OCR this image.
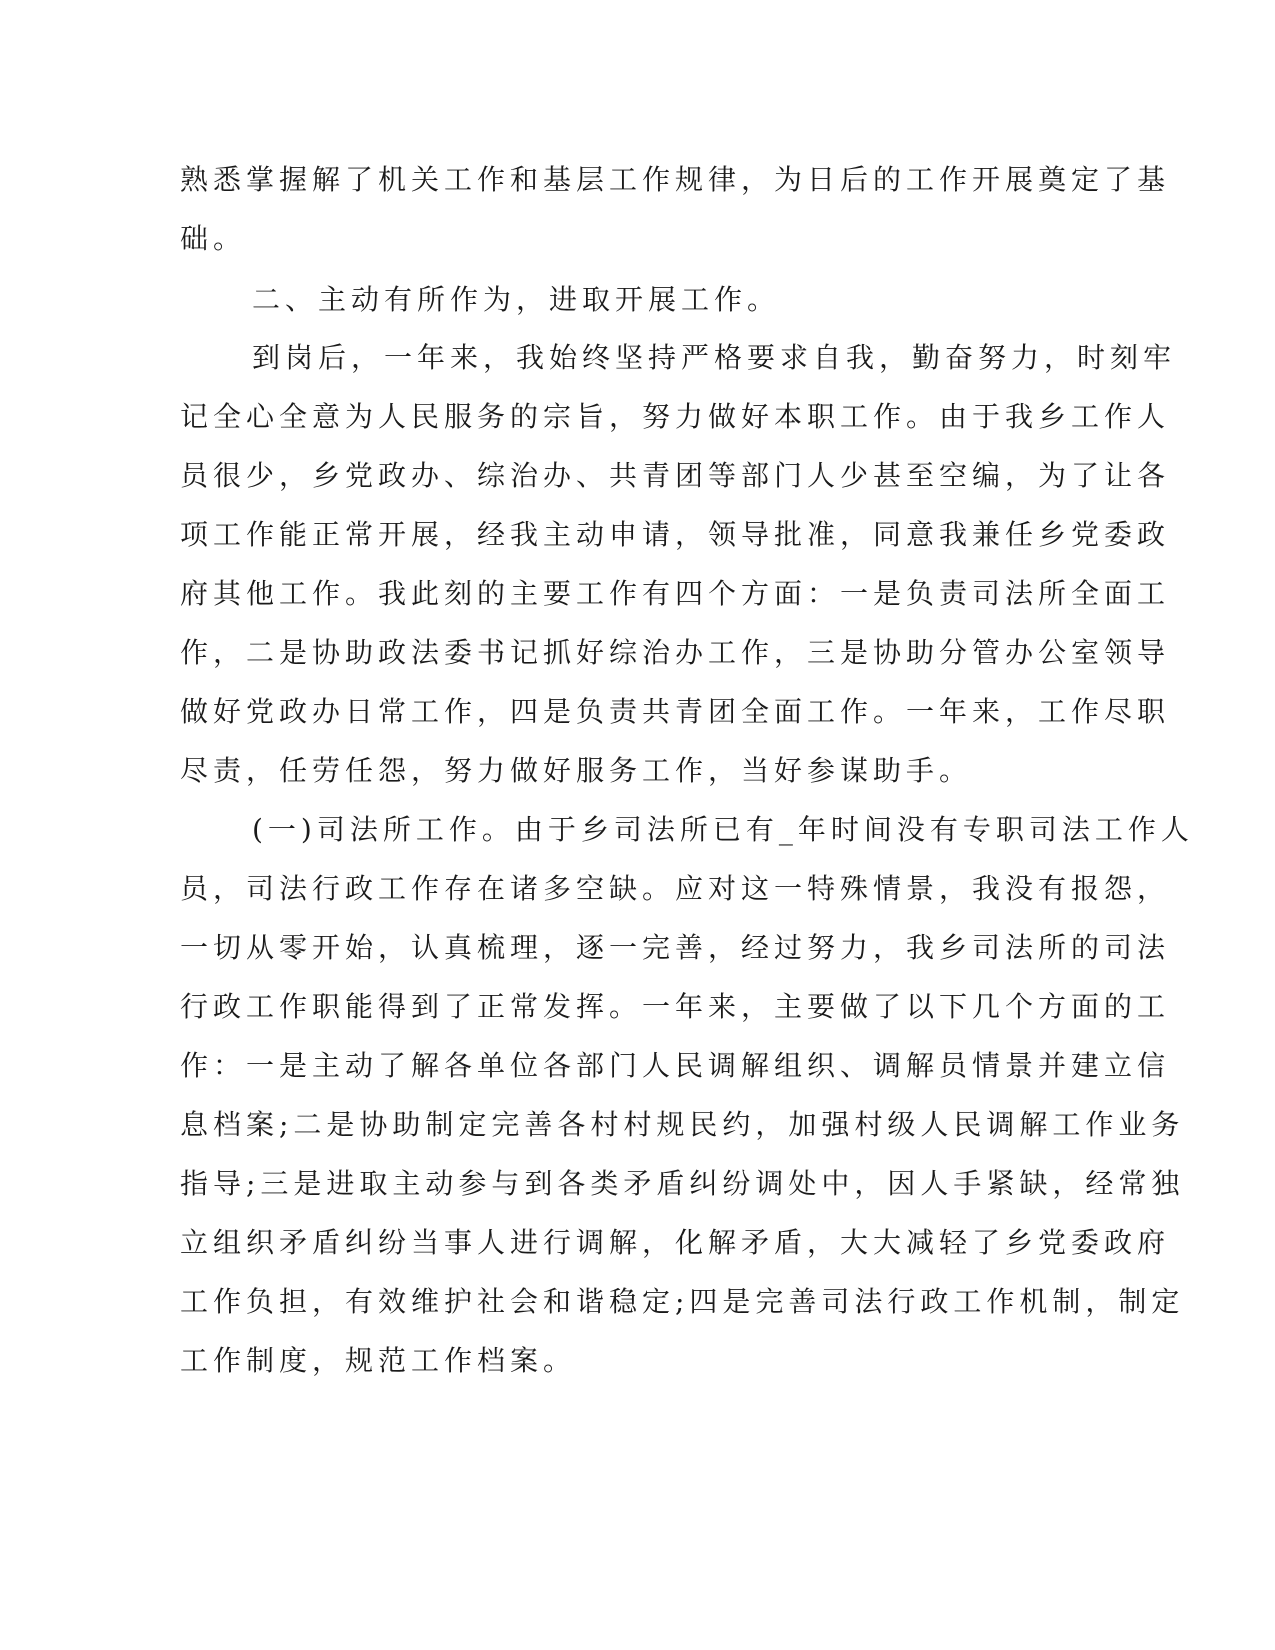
熟悉掌握解了机关工作和基层工作规律，为日后的工作开展奠定了基
础。
二、主动有所作为，进取开展工作。
到岗后，一年来，我始终坚持严格要求自我，勤奋努力，时刻牢
记全心全意为人民服务的宗旨，努力做好本职工作。由于我乡工作人
员很少，乡党政办、综治办、共青团等部门人少甚至空编，为了让各
项工作能正常开展，经我主动申请，领导批准，同意我兼任乡党委政
府其他工作。我此刻的主要工作有四个方面：一是负责司法所全面工
作，二是协助政法委书记抓好综治办工作，三是协助分管办公室领导
做好党政办日常工作，四是负责共青团全面工作。一年来，工作尽职
尽责，任劳任怨，努力做好服务工作，当好参谋助手。
(一)司法所工作。由于乡司法所已有_年时间没有专职司法工作人
员，司法行政工作存在诸多空缺。应对这一特殊情景，我没有报怨，
一切从零开始，认真梳理，逐一完善，经过努力，我乡司法所的司法
行政工作职能得到了正常发挥。一年来，主要做了以下几个方面的工
作：一是主动了解各单位各部门人民调解组织、调解员情景并建立信
息档案;二是协助制定完善各村村规民约，加强村级人民调解工作业务
指导;三是进取主动参与到各类矛盾纠纷调处中，因人手紧缺，经常独
立组织矛盾纠纷当事人进行调解，化解矛盾，大大减轻了乡党委政府
工作负担，有效维护社会和谐稳定;四是完善司法行政工作机制，制定
工作制度，规范工作档案。
